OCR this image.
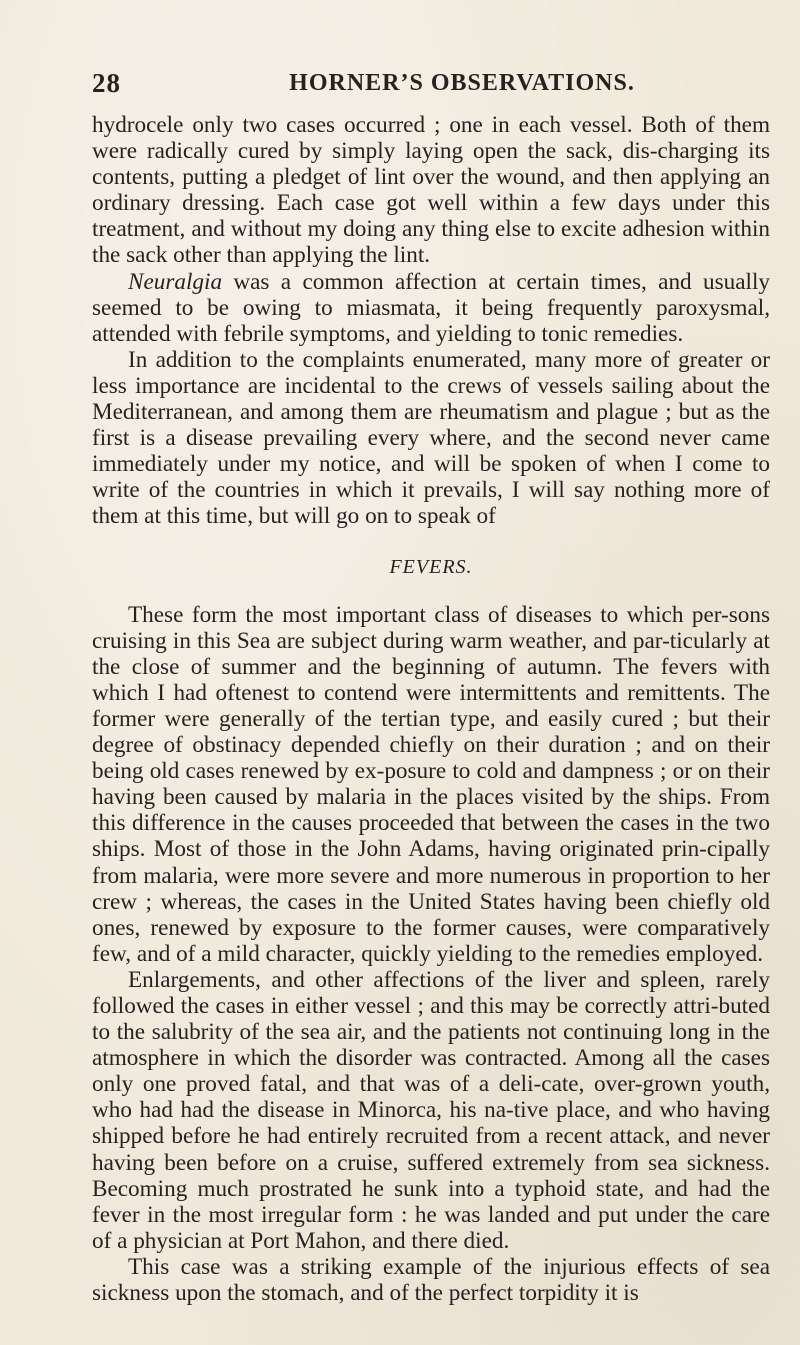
28	HORNER’S OBSERVATIONS.

hydrocele only two cases occurred ; one in each vessel. Both of them were radically cured by simply laying open the sack, dis-charging its contents, putting a pledget of lint over the wound, and then applying an ordinary dressing. Each case got well within a few days under this treatment, and without my doing any thing else to excite adhesion within the sack other than applying the lint.

Neuralgia was a common affection at certain times, and usually seemed to be owing to miasmata, it being frequently paroxysmal, attended with febrile symptoms, and yielding to tonic remedies.

In addition to the complaints enumerated, many more of greater or less importance are incidental to the crews of vessels sailing about the Mediterranean, and among them are rheumatism and plague ; but as the first is a disease prevailing every where, and the second never came immediately under my notice, and will be spoken of when I come to write of the countries in which it prevails, I will say nothing more of them at this time, but will go on to speak of

FEVERS.

These form the most important class of diseases to which per-sons cruising in this Sea are subject during warm weather, and par-ticularly at the close of summer and the beginning of autumn. The fevers with which I had oftenest to contend were intermittents and remittents. The former were generally of the tertian type, and easily cured ; but their degree of obstinacy depended chiefly on their duration ; and on their being old cases renewed by ex-posure to cold and dampness ; or on their having been caused by malaria in the places visited by the ships. From this difference in the causes proceeded that between the cases in the two ships. Most of those in the John Adams, having originated prin-cipally from malaria, were more severe and more numerous in proportion to her crew ; whereas, the cases in the United States having been chiefly old ones, renewed by exposure to the former causes, were comparatively few, and of a mild character, quickly yielding to the remedies employed.

Enlargements, and other affections of the liver and spleen, rarely followed the cases in either vessel ; and this may be correctly attri-buted to the salubrity of the sea air, and the patients not continuing long in the atmosphere in which the disorder was contracted. Among all the cases only one proved fatal, and that was of a deli-cate, over-grown youth, who had had the disease in Minorca, his na-tive place, and who having shipped before he had entirely recruited from a recent attack, and never having been before on a cruise, suffered extremely from sea sickness. Becoming much prostrated he sunk into a typhoid state, and had the fever in the most irregular form : he was landed and put under the care of a physician at Port Mahon, and there died.

This case was a striking example of the injurious effects of sea sickness upon the stomach, and of the perfect torpidity it is
